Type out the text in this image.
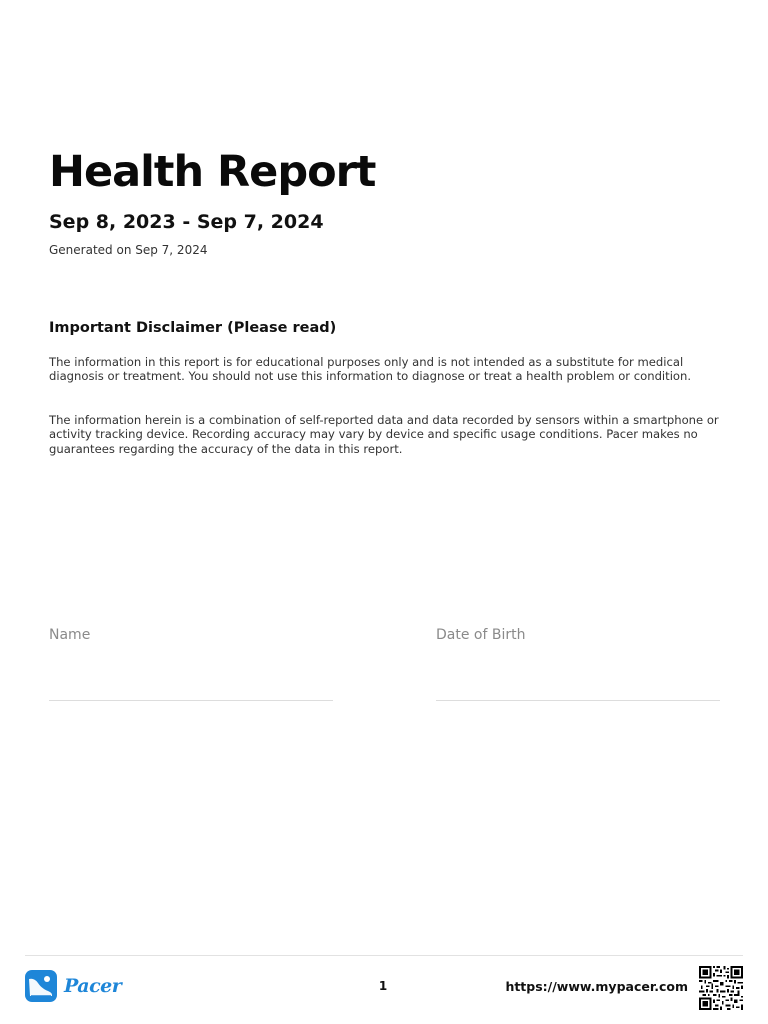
Health Report
Sep 8, 2023 - Sep 7, 2024
Generated on Sep 7, 2024
Important Disclaimer (Please read)

The information in this report is for educational purposes only and is not intended as a substitute for medical diagnosis or treatment. You should not use this information to diagnose or treat a health problem or condition.

The information herein is a combination of self-reported data and data recorded by sensors within a smartphone or activity tracking device. Recording accuracy may vary by device and specific usage conditions. Pacer makes no guarantees regarding the accuracy of the data in this report.

Name	Date of Birth
Pacer	1	https://www.mypacer.com
